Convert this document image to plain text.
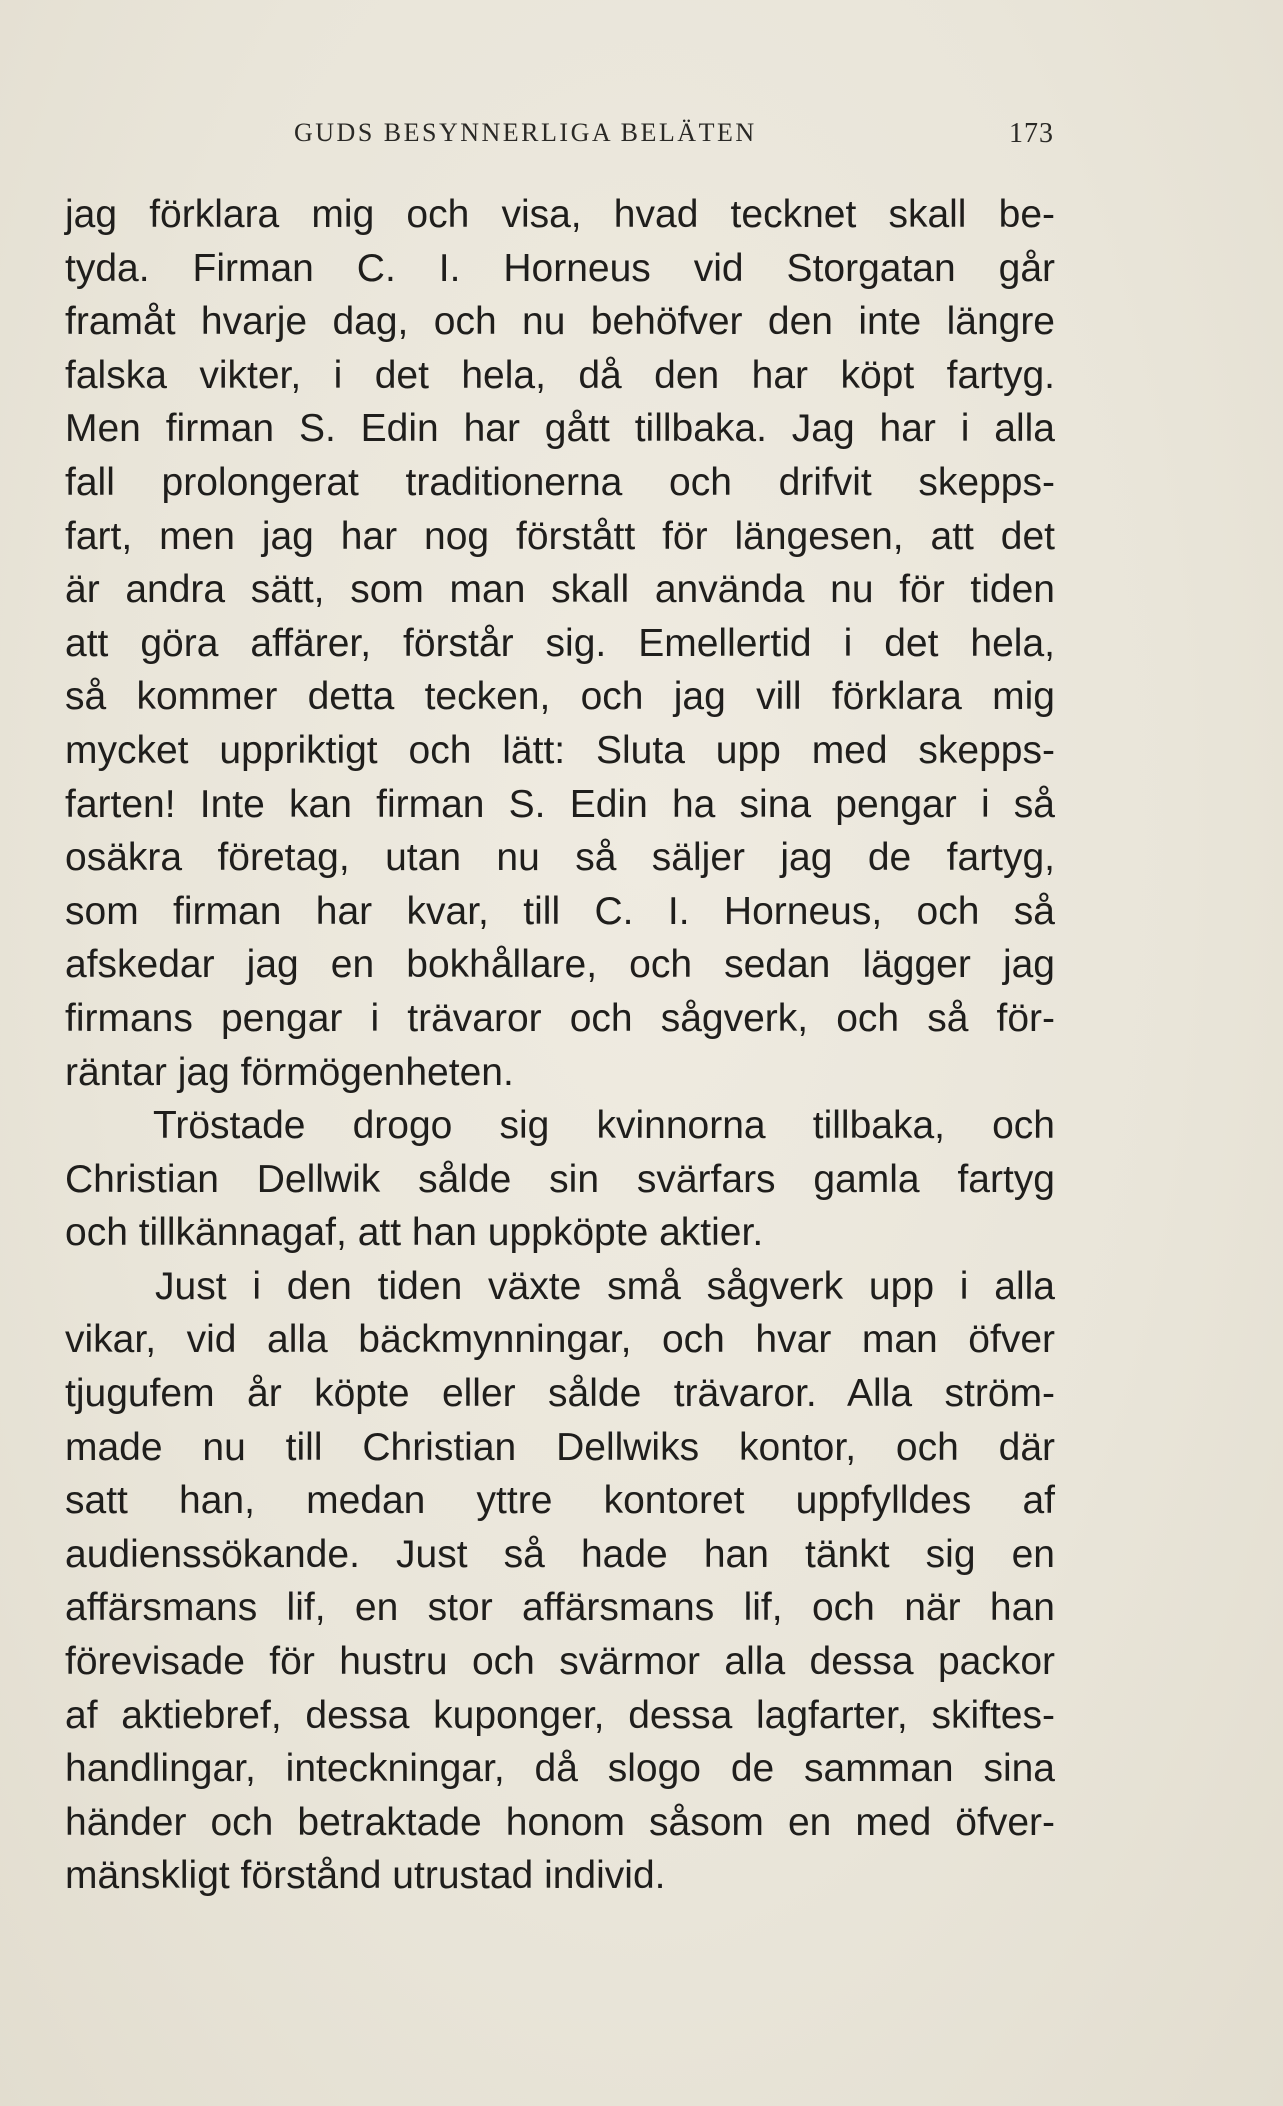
GUDS BESYNNERLIGA BELÄTEN	173
jag förklara mig och visa, hvad tecknet skall be-
tyda. Firman C. I. Horneus vid Storgatan går
framåt hvarje dag, och nu behöfver den inte längre
falska vikter, i det hela, då den har köpt fartyg.
Men firman S. Edin har gått tillbaka. Jag har i alla
fall prolongerat traditionerna och drifvit skepps-
fart, men jag har nog förstått för längesen, att det
är andra sätt, som man skall använda nu för tiden
att göra affärer, förstår sig. Emellertid i det hela,
så kommer detta tecken, och jag vill förklara mig
mycket uppriktigt och lätt: Sluta upp med skepps-
farten! Inte kan firman S. Edin ha sina pengar i så
osäkra företag, utan nu så säljer jag de fartyg,
som firman har kvar, till C. I. Horneus, och så
afskedar jag en bokhållare, och sedan lägger jag
firmans pengar i trävaror och sågverk, och så för-
räntar jag förmögenheten.
Tröstade drogo sig kvinnorna tillbaka, och
Christian Dellwik sålde sin svärfars gamla fartyg
och tillkännagaf, att han uppköpte aktier.
Just i den tiden växte små sågverk upp i alla
vikar, vid alla bäckmynningar, och hvar man öfver
tjugufem år köpte eller sålde trävaror. Alla ström-
made nu till Christian Dellwiks kontor, och där
satt han, medan yttre kontoret uppfylldes af
audienssökande. Just så hade han tänkt sig en
affärsmans lif, en stor affärsmans lif, och när han
förevisade för hustru och svärmor alla dessa packor
af aktiebref, dessa kuponger, dessa lagfarter, skiftes-
handlingar, inteckningar, då slogo de samman sina
händer och betraktade honom såsom en med öfver-
mänskligt förstånd utrustad individ.
